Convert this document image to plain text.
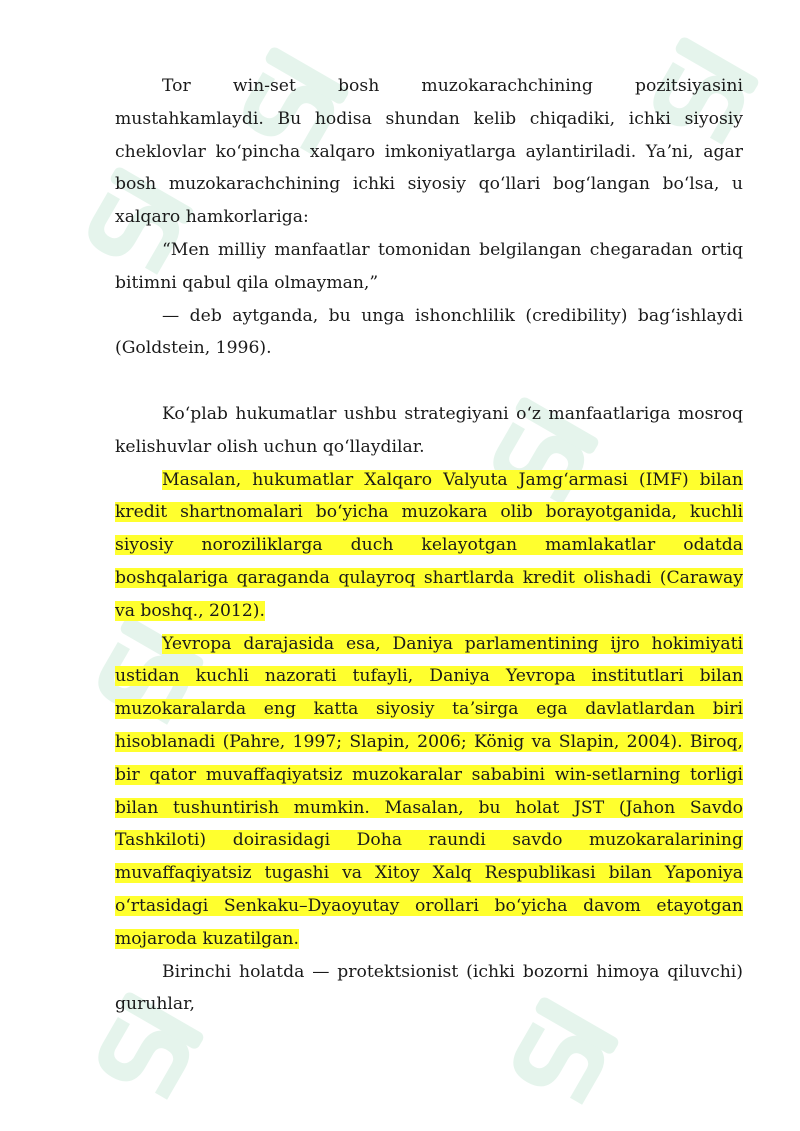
Tor win-set bosh muzokarachchining pozitsiyasini mustahkamlaydi. Bu hodisa shundan kelib chiqadiki, ichki siyosiy cheklovlar koʻpincha xalqaro imkoniyatlarga aylantiriladi. Yaʼni, agar bosh muzokarachchining ichki siyosiy qoʻllari bogʻlangan boʻlsa, u xalqaro hamkorlariga:

“Men milliy manfaatlar tomonidan belgilangan chegaradan ortiq bitimni qabul qila olmayman,”

— deb aytganda, bu unga ishonchlilik (credibility) bagʻishlaydi (Goldstein, 1996).

Koʻplab hukumatlar ushbu strategiyani oʻz manfaatlariga mosroq kelishuvlar olish uchun qoʻllaydilar.

Masalan, hukumatlar Xalqaro Valyuta Jamgʻarmasi (IMF) bilan kredit shartnomalari boʻyicha muzokara olib borayotganida, kuchli siyosiy noroziliklarga duch kelayotgan mamlakatlar odatda boshqalariga qaraganda qulayroq shartlarda kredit olishadi (Caraway va boshq., 2012).

Yevropa darajasida esa, Daniya parlamentining ijro hokimiyati ustidan kuchli nazorati tufayli, Daniya Yevropa institutlari bilan muzokaralarda eng katta siyosiy taʼsirga ega davlatlardan biri hisoblanadi (Pahre, 1997; Slapin, 2006; König va Slapin, 2004). Biroq, bir qator muvaffaqiyatsiz muzokaralar sababini win-setlarning torligi bilan tushuntirish mumkin. Masalan, bu holat JST (Jahon Savdo Tashkiloti) doirasidagi Doha raundi savdo muzokaralarining muvaffaqiyatsiz tugashi va Xitoy Xalq Respublikasi bilan Yaponiya oʻrtasidagi Senkaku–Dyaoyutay orollari boʻyicha davom etayotgan mojaroda kuzatilgan.

Birinchi holatda — protektsionist (ichki bozorni himoya qiluvchi) guruhlar,
